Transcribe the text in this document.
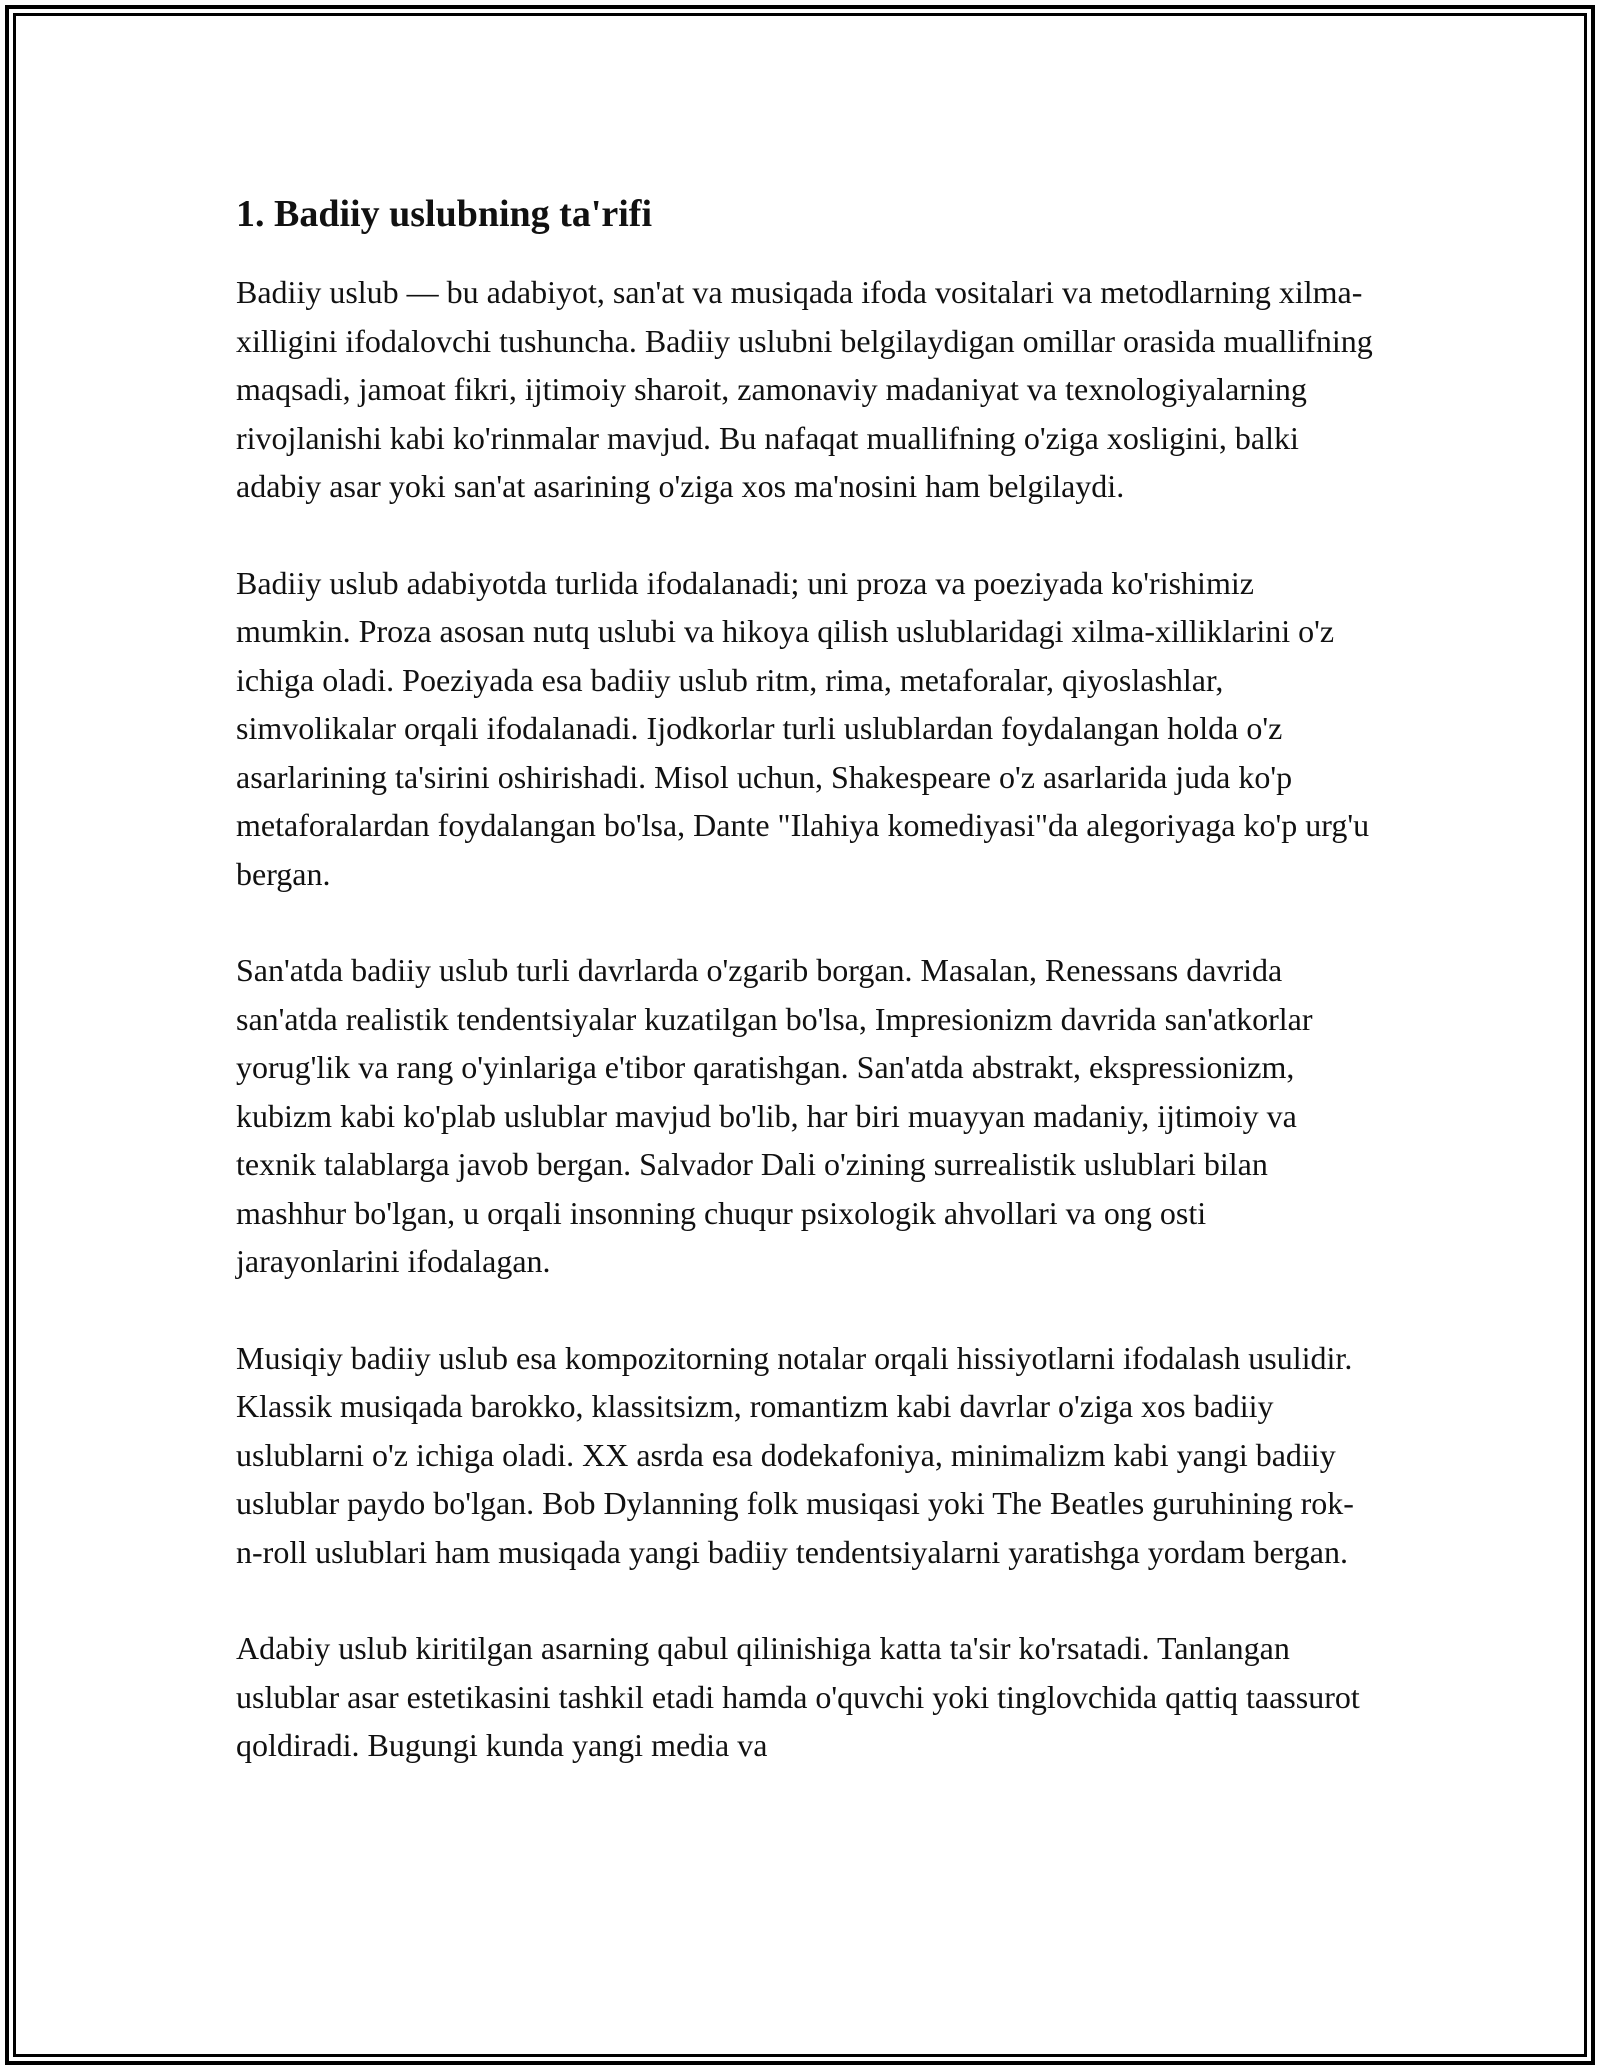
1. Badiiy uslubning ta'rifi

Badiiy uslub — bu adabiyot, san'at va musiqada ifoda vositalari va metodlarning xilma-xilligini ifodalovchi tushuncha. Badiiy uslubni belgilaydigan omillar orasida muallifning maqsadi, jamoat fikri, ijtimoiy sharoit, zamonaviy madaniyat va texnologiyalarning rivojlanishi kabi ko'rinmalar mavjud. Bu nafaqat muallifning o'ziga xosligini, balki adabiy asar yoki san'at asarining o'ziga xos ma'nosini ham belgilaydi.

Badiiy uslub adabiyotda turlida ifodalanadi; uni proza va poeziyada ko'rishimiz mumkin. Proza asosan nutq uslubi va hikoya qilish uslublaridagi xilma-xilliklarini o'z ichiga oladi. Poeziyada esa badiiy uslub ritm, rima, metaforalar, qiyoslashlar, simvolikalar orqali ifodalanadi. Ijodkorlar turli uslublardan foydalangan holda o'z asarlarining ta'sirini oshirishadi. Misol uchun, Shakespeare o'z asarlarida juda ko'p metaforalardan foydalangan bo'lsa, Dante "Ilahiya komediyasi"da alegoriyaga ko'p urg'u bergan.

San'atda badiiy uslub turli davrlarda o'zgarib borgan. Masalan, Renessans davrida san'atda realistik tendentsiyalar kuzatilgan bo'lsa, Impresionizm davrida san'atkorlar yorug'lik va rang o'yinlariga e'tibor qaratishgan. San'atda abstrakt, ekspressionizm, kubizm kabi ko'plab uslublar mavjud bo'lib, har biri muayyan madaniy, ijtimoiy va texnik talablarga javob bergan. Salvador Dali o'zining surrealistik uslublari bilan mashhur bo'lgan, u orqali insonning chuqur psixologik ahvollari va ong osti jarayonlarini ifodalagan.

Musiqiy badiiy uslub esa kompozitorning notalar orqali hissiyotlarni ifodalash usulidir. Klassik musiqada barokko, klassitsizm, romantizm kabi davrlar o'ziga xos badiiy uslublarni o'z ichiga oladi. XX asrda esa dodekafoniya, minimalizm kabi yangi badiiy uslublar paydo bo'lgan. Bob Dylanning folk musiqasi yoki The Beatles guruhining rok-n-roll uslublari ham musiqada yangi badiiy tendentsiyalarni yaratishga yordam bergan.

Adabiy uslub kiritilgan asarning qabul qilinishiga katta ta'sir ko'rsatadi. Tanlangan uslublar asar estetikasini tashkil etadi hamda o'quvchi yoki tinglovchida qattiq taassurot qoldiradi. Bugungi kunda yangi media va
